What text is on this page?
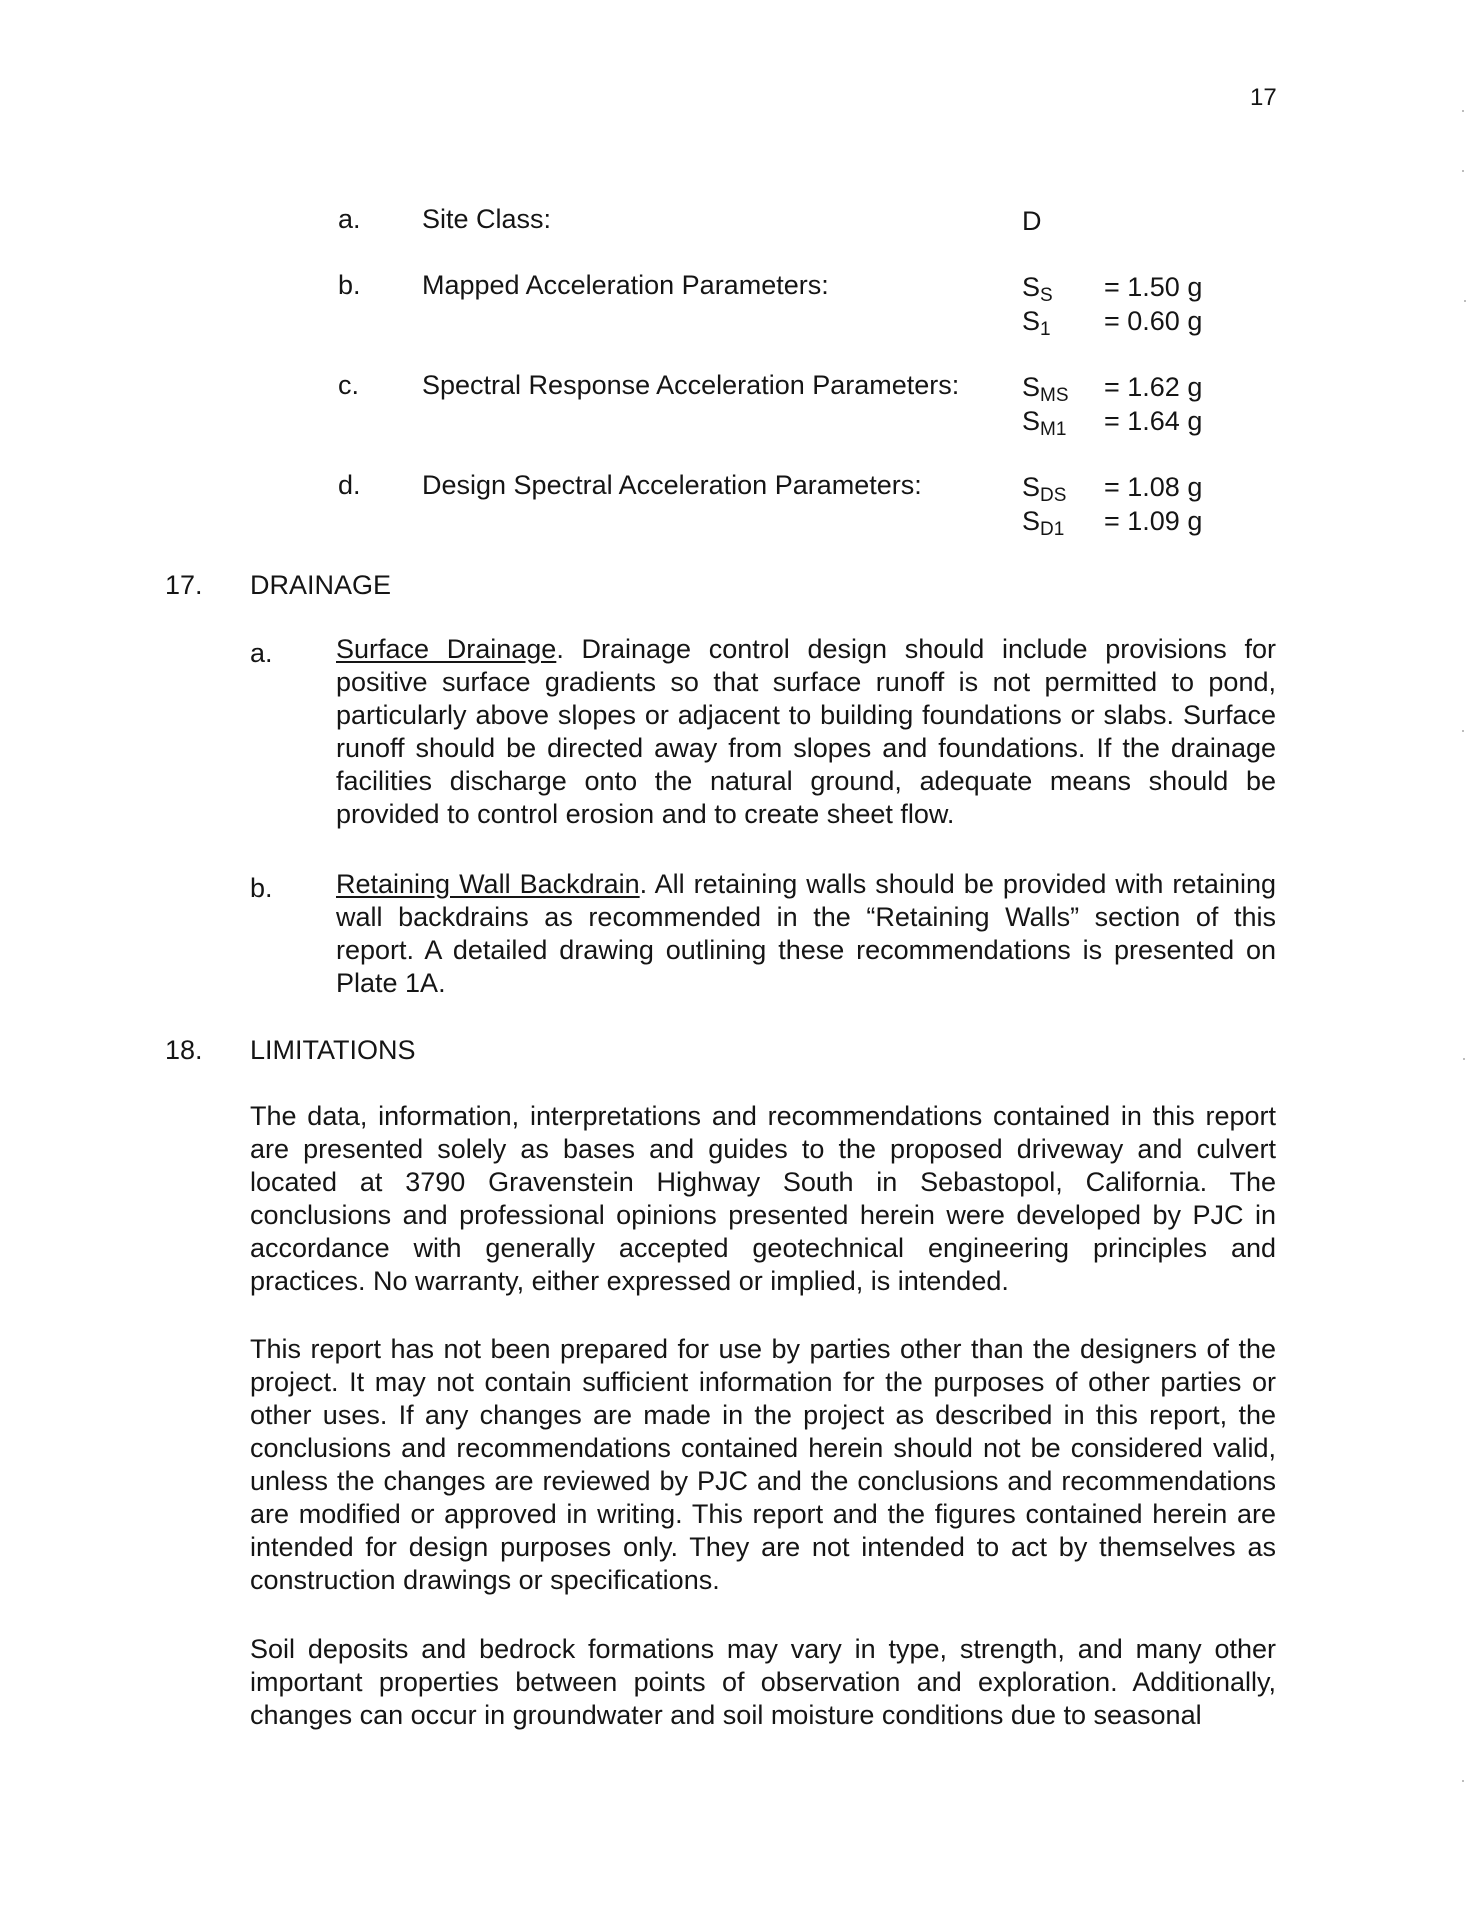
17
a. Site Class:	D
b. Mapped Acceleration Parameters:	$S_S = 1.50$ g
$S_1 = 0.60$ g
c. Spectral Response Acceleration Parameters: $S_{MS} = 1.62$ g
$S_{M1} = 1.64$ g
d. Design Spectral Acceleration Parameters:	$S_{DS} = 1.08$ g
$S_{D1} = 1.09$ g
17. DRAINAGE
a. Surface Drainage. Drainage control design should include provisions for positive surface gradients so that surface runoff is not permitted to pond, particularly above slopes or adjacent to building foundations or slabs. Surface runoff should be directed away from slopes and foundations. If the drainage facilities discharge onto the natural ground, adequate means should be provided to control erosion and to create sheet flow.
b. Retaining Wall Backdrain. All retaining walls should be provided with retaining wall backdrains as recommended in the “Retaining Walls” section of this report. A detailed drawing outlining these recommendations is presented on Plate 1A.
18. LIMITATIONS
The data, information, interpretations and recommendations contained in this report are presented solely as bases and guides to the proposed driveway and culvert located at 3790 Gravenstein Highway South in Sebastopol, California. The conclusions and professional opinions presented herein were developed by PJC in accordance with generally accepted geotechnical engineering principles and practices. No warranty, either expressed or implied, is intended.
This report has not been prepared for use by parties other than the designers of the project. It may not contain sufficient information for the purposes of other parties or other uses. If any changes are made in the project as described in this report, the conclusions and recommendations contained herein should not be considered valid, unless the changes are reviewed by PJC and the conclusions and recommendations are modified or approved in writing. This report and the figures contained herein are intended for design purposes only. They are not intended to act by themselves as construction drawings or specifications.
Soil deposits and bedrock formations may vary in type, strength, and many other important properties between points of observation and exploration. Additionally, changes can occur in groundwater and soil moisture conditions due to seasonal
